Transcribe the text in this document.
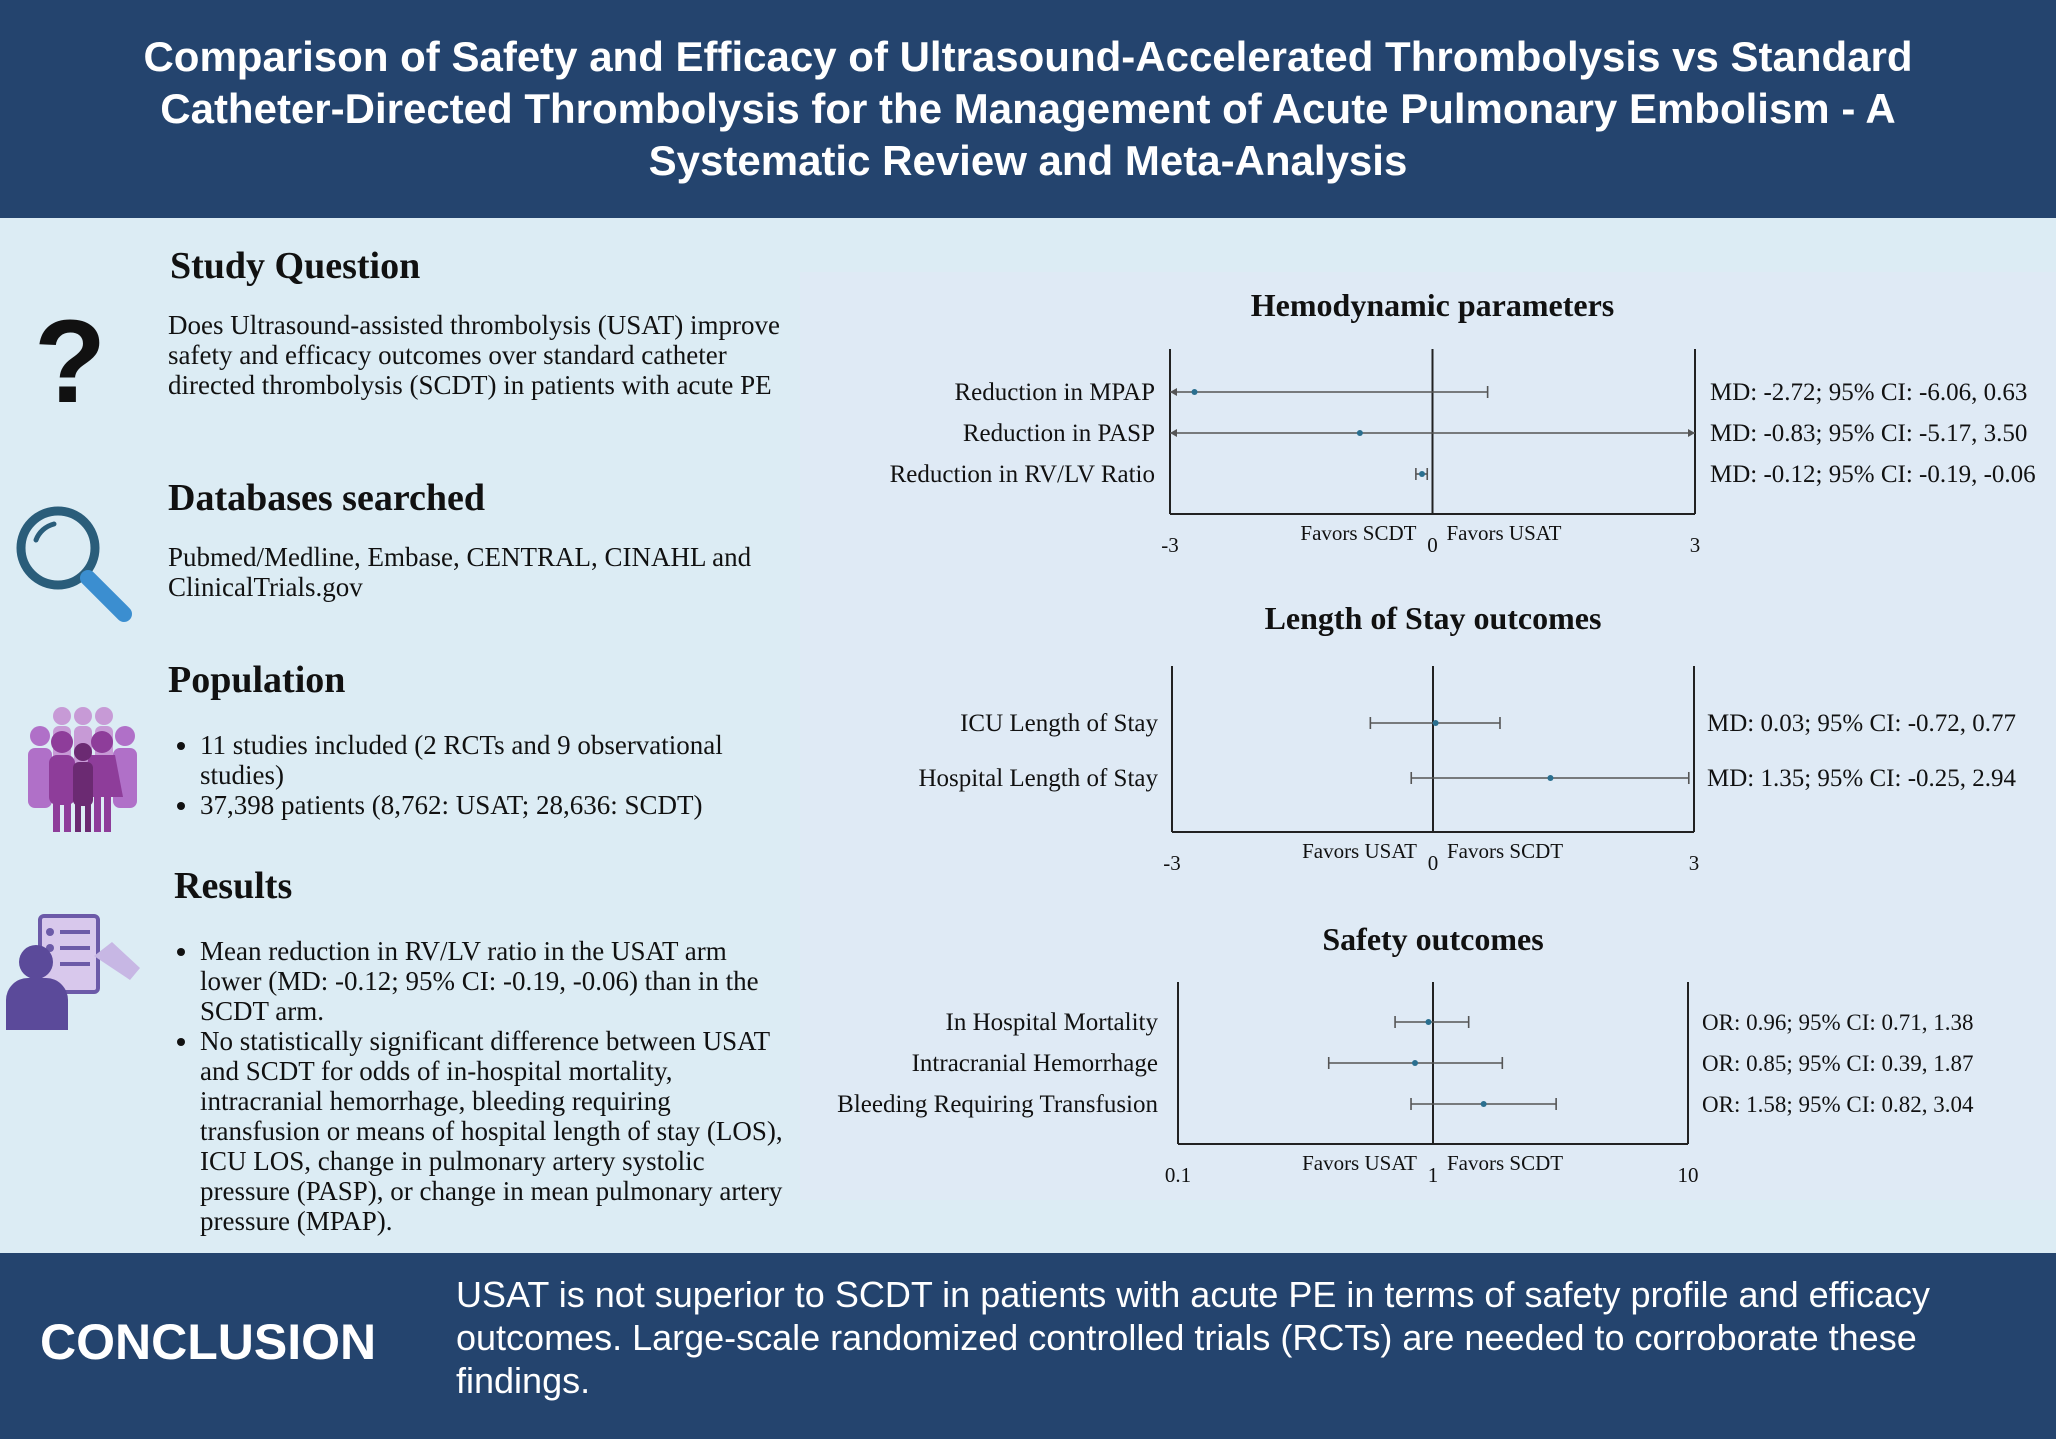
Comparison of Safety and Efficacy of Ultrasound-Accelerated Thrombolysis vs Standard Catheter-Directed Thrombolysis for the Management of Acute Pulmonary Embolism - A Systematic Review and Meta-Analysis
?
Study Question
Does Ultrasound-assisted thrombolysis (USAT) improve safety and efficacy outcomes over standard catheter directed thrombolysis (SCDT) in patients with acute PE
Databases searched
Pubmed/Medline, Embase, CENTRAL, CINAHL and ClinicalTrials.gov
Population
• 11 studies included (2 RCTs and 9 observational studies)
• 37,398 patients (8,762: USAT; 28,636: SCDT)
Results
• Mean reduction in RV/LV ratio in the USAT arm lower (MD: -0.12; 95% CI: -0.19, -0.06) than in the SCDT arm.
• No statistically significant difference between USAT and SCDT for odds of in-hospital mortality, intracranial hemorrhage, bleeding requiring transfusion or means of hospital length of stay (LOS), ICU LOS, change in pulmonary artery systolic pressure (PASP), or change in mean pulmonary artery pressure (MPAP).
Hemodynamic parameters
-3	0	3
Favors SCDT Favors USAT
Reduction in MPAP	MD: -2.72; 95% CI: -6.06, 0.63
Reduction in PASP	MD: -0.83; 95% CI: -5.17, 3.50
Reduction in RV/LV Ratio	MD: -0.12; 95% CI: -0.19, -0.06
Length of Stay outcomes
-3	0	3
Favors USAT Favors SCDT
ICU Length of Stay	MD: 0.03; 95% CI: -0.72, 0.77
Hospital Length of Stay	MD: 1.35; 95% CI: -0.25, 2.94
Safety outcomes
0.1	1	10
Favors USAT Favors SCDT
In Hospital Mortality	OR: 0.96; 95% CI: 0.71, 1.38
Intracranial Hemorrhage	OR: 0.85; 95% CI: 0.39, 1.87
Bleeding Requiring Transfusion	OR: 1.58; 95% CI: 0.82, 3.04
CONCLUSION
USAT is not superior to SCDT in patients with acute PE in terms of safety profile and efficacy outcomes. Large-scale randomized controlled trials (RCTs) are needed to corroborate these findings.
